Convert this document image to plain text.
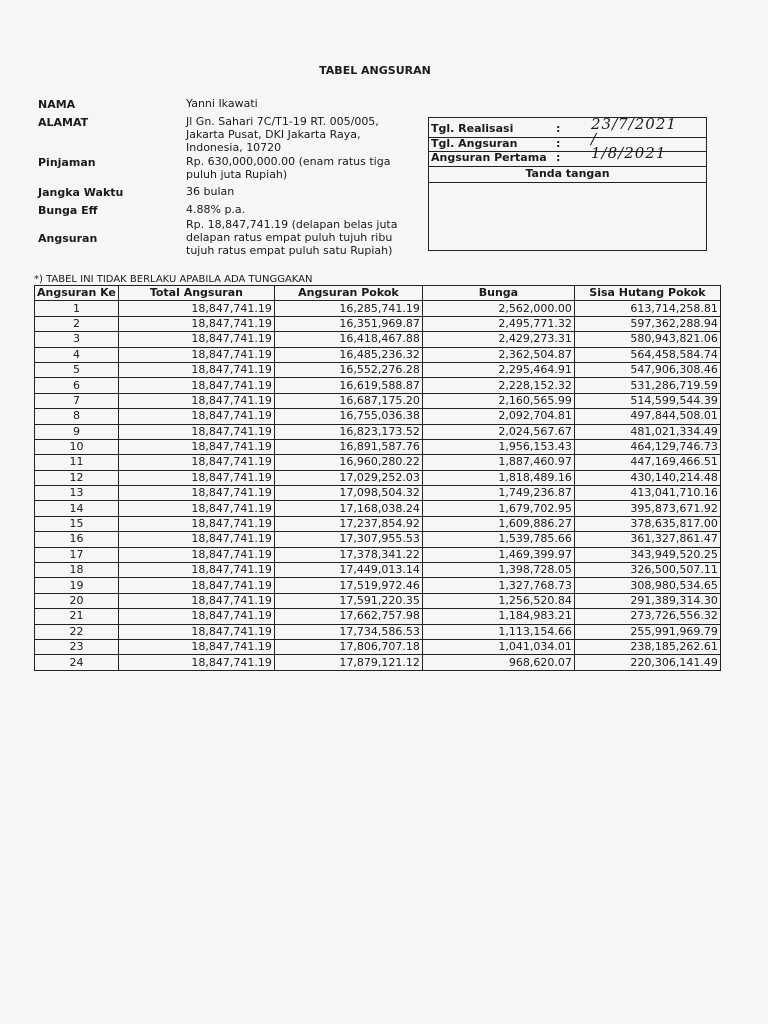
TABEL ANGSURAN
NAMA	Yanni Ikawati
ALAMAT	Jl Gn. Sahari 7C/T1-19 RT. 005/005,
Jakarta Pusat, DKI Jakarta Raya,
Indonesia, 10720
Pinjaman	Rp. 630,000,000.00 (enam ratus tiga
puluh juta Rupiah)
Jangka Waktu	36 bulan
Bunga Eff	4.88% p.a.
Angsuran
Rp. 18,847,741.19 (delapan belas juta
delapan ratus empat puluh tujuh ribu
tujuh ratus empat puluh satu Rupiah)
Tgl. Realisasi	: 23/7/2021
Tgl. Angsuran	: /
Angsuran Pertama : 1/8/2021
Tanda tangan
*) TABEL INI TIDAK BERLAKU APABILA ADA TUNGGAKAN
Angsuran Ke	Total Angsuran	Angsuran Pokok	Bunga	Sisa Hutang Pokok
1	18,847,741.19	16,285,741.19	2,562,000.00	613,714,258.81
2	18,847,741.19	16,351,969.87	2,495,771.32	597,362,288.94
3	18,847,741.19	16,418,467.88	2,429,273.31	580,943,821.06
4	18,847,741.19	16,485,236.32	2,362,504.87	564,458,584.74
5	18,847,741.19	16,552,276.28	2,295,464.91	547,906,308.46
6	18,847,741.19	16,619,588.87	2,228,152.32	531,286,719.59
7	18,847,741.19	16,687,175.20	2,160,565.99	514,599,544.39
8	18,847,741.19	16,755,036.38	2,092,704.81	497,844,508.01
9	18,847,741.19	16,823,173.52	2,024,567.67	481,021,334.49
10	18,847,741.19	16,891,587.76	1,956,153.43	464,129,746.73
11	18,847,741.19	16,960,280.22	1,887,460.97	447,169,466.51
12	18,847,741.19	17,029,252.03	1,818,489.16	430,140,214.48
13	18,847,741.19	17,098,504.32	1,749,236.87	413,041,710.16
14	18,847,741.19	17,168,038.24	1,679,702.95	395,873,671.92
15	18,847,741.19	17,237,854.92	1,609,886.27	378,635,817.00
16	18,847,741.19	17,307,955.53	1,539,785.66	361,327,861.47
17	18,847,741.19	17,378,341.22	1,469,399.97	343,949,520.25
18	18,847,741.19	17,449,013.14	1,398,728.05	326,500,507.11
19	18,847,741.19	17,519,972.46	1,327,768.73	308,980,534.65
20	18,847,741.19	17,591,220.35	1,256,520.84	291,389,314.30
21	18,847,741.19	17,662,757.98	1,184,983.21	273,726,556.32
22	18,847,741.19	17,734,586.53	1,113,154.66	255,991,969.79
23	18,847,741.19	17,806,707.18	1,041,034.01	238,185,262.61
24	18,847,741.19	17,879,121.12	968,620.07	220,306,141.49
